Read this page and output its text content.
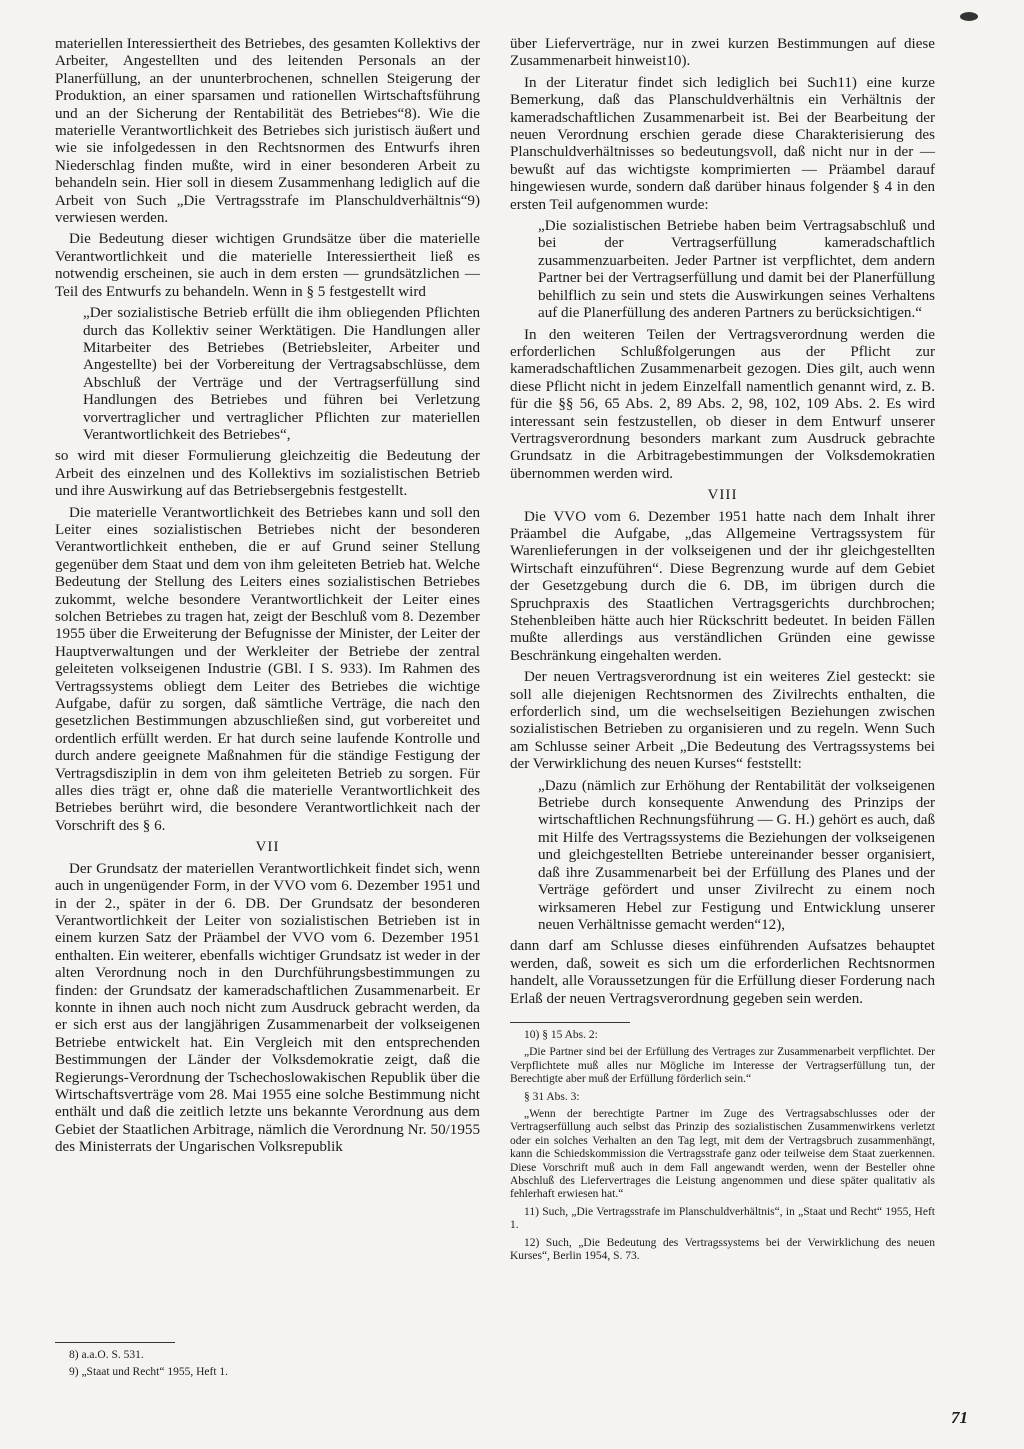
materiellen Interessiertheit des Betriebes, des gesamten Kollektivs der Arbeiter, Angestellten und des leitenden Personals an der Planerfüllung, an der ununterbrochenen, schnellen Steigerung der Produktion, an einer sparsamen und rationellen Wirtschaftsführung und an der Sicherung der Rentabilität des Betriebes“8). Wie die materielle Verantwortlichkeit des Betriebes sich juristisch äußert und wie sie infolgedessen in den Rechtsnormen des Entwurfs ihren Niederschlag finden mußte, wird in einer besonderen Arbeit zu behandeln sein. Hier soll in diesem Zusammenhang lediglich auf die Arbeit von Such „Die Vertragsstrafe im Planschuldverhältnis“9) verwiesen werden.

Die Bedeutung dieser wichtigen Grundsätze über die materielle Verantwortlichkeit und die materielle Interessiertheit ließ es notwendig erscheinen, sie auch in dem ersten — grundsätzlichen — Teil des Entwurfs zu behandeln. Wenn in § 5 festgestellt wird

„Der sozialistische Betrieb erfüllt die ihm obliegenden Pflichten durch das Kollektiv seiner Werktätigen. Die Handlungen aller Mitarbeiter des Betriebes (Betriebsleiter, Arbeiter und Angestellte) bei der Vorbereitung der Vertragsabschlüsse, dem Abschluß der Verträge und der Vertragserfüllung sind Handlungen des Betriebes und führen bei Verletzung vorvertraglicher und vertraglicher Pflichten zur materiellen Verantwortlichkeit des Betriebes“,

so wird mit dieser Formulierung gleichzeitig die Bedeutung der Arbeit des einzelnen und des Kollektivs im sozialistischen Betrieb und ihre Auswirkung auf das Betriebsergebnis festgestellt.

Die materielle Verantwortlichkeit des Betriebes kann und soll den Leiter eines sozialistischen Betriebes nicht der besonderen Verantwortlichkeit entheben, die er auf Grund seiner Stellung gegenüber dem Staat und dem von ihm geleiteten Betrieb hat. Welche Bedeutung der Stellung des Leiters eines sozialistischen Betriebes zukommt, welche besondere Verantwortlichkeit der Leiter eines solchen Betriebes zu tragen hat, zeigt der Beschluß vom 8. Dezember 1955 über die Erweiterung der Befugnisse der Minister, der Leiter der Hauptverwaltungen und der Werkleiter der Betriebe der zentral geleiteten volkseigenen Industrie (GBl. I S. 933). Im Rahmen des Vertragssystems obliegt dem Leiter des Betriebes die wichtige Aufgabe, dafür zu sorgen, daß sämtliche Verträge, die nach den gesetzlichen Bestimmungen abzuschließen sind, gut vorbereitet und ordentlich erfüllt werden. Er hat durch seine laufende Kontrolle und durch andere geeignete Maßnahmen für die ständige Festigung der Vertragsdisziplin in dem von ihm geleiteten Betrieb zu sorgen. Für alles dies trägt er, ohne daß die materielle Verantwortlichkeit des Betriebes berührt wird, die besondere Verantwortlichkeit nach der Vorschrift des § 6.

VII

Der Grundsatz der materiellen Verantwortlichkeit findet sich, wenn auch in ungenügender Form, in der VVO vom 6. Dezember 1951 und in der 2., später in der 6. DB. Der Grundsatz der besonderen Verantwortlichkeit der Leiter von sozialistischen Betrieben ist in einem kurzen Satz der Präambel der VVO vom 6. Dezember 1951 enthalten. Ein weiterer, ebenfalls wichtiger Grundsatz ist weder in der alten Verordnung noch in den Durchführungsbestimmungen zu finden: der Grundsatz der kameradschaftlichen Zusammenarbeit. Er konnte in ihnen auch noch nicht zum Ausdruck gebracht werden, da er sich erst aus der langjährigen Zusammenarbeit der volkseigenen Betriebe entwickelt hat. Ein Vergleich mit den entsprechenden Bestimmungen der Länder der Volksdemokratie zeigt, daß die Regierungs-Verordnung der Tschechoslowakischen Republik über die Wirtschaftsverträge vom 28. Mai 1955 eine solche Bestimmung nicht enthält und daß die zeitlich letzte uns bekannte Verordnung aus dem Gebiet der Staatlichen Arbitrage, nämlich die Verordnung Nr. 50/1955 des Ministerrats der Ungarischen Volksrepublik

8) a.a.O. S. 531.

9) „Staat und Recht“ 1955, Heft 1.

über Lieferverträge, nur in zwei kurzen Bestimmungen auf diese Zusammenarbeit hinweist10).

In der Literatur findet sich lediglich bei Such11) eine kurze Bemerkung, daß das Planschuldverhältnis ein Verhältnis der kameradschaftlichen Zusammenarbeit ist. Bei der Bearbeitung der neuen Verordnung erschien gerade diese Charakterisierung des Planschuldverhältnisses so bedeutungsvoll, daß nicht nur in der — bewußt auf das wichtigste komprimierten — Präambel darauf hingewiesen wurde, sondern daß darüber hinaus folgender § 4 in den ersten Teil aufgenommen wurde:

„Die sozialistischen Betriebe haben beim Vertragsabschluß und bei der Vertragserfüllung kameradschaftlich zusammenzuarbeiten. Jeder Partner ist verpflichtet, dem andern Partner bei der Vertragserfüllung und damit bei der Planerfüllung behilflich zu sein und stets die Auswirkungen seines Verhaltens auf die Planerfüllung des anderen Partners zu berücksichtigen.“

In den weiteren Teilen der Vertragsverordnung werden die erforderlichen Schlußfolgerungen aus der Pflicht zur kameradschaftlichen Zusammenarbeit gezogen. Dies gilt, auch wenn diese Pflicht nicht in jedem Einzelfall namentlich genannt wird, z. B. für die §§ 56, 65 Abs. 2, 89 Abs. 2, 98, 102, 109 Abs. 2. Es wird interessant sein festzustellen, ob dieser in dem Entwurf unserer Vertragsverordnung besonders markant zum Ausdruck gebrachte Grundsatz in die Arbitragebestimmungen der Volksdemokratien übernommen werden wird.

VIII

Die VVO vom 6. Dezember 1951 hatte nach dem Inhalt ihrer Präambel die Aufgabe, „das Allgemeine Vertragssystem für Warenlieferungen in der volkseigenen und der ihr gleichgestellten Wirtschaft einzuführen“. Diese Begrenzung wurde auf dem Gebiet der Gesetzgebung durch die 6. DB, im übrigen durch die Spruchpraxis des Staatlichen Vertragsgerichts durchbrochen; Stehenbleiben hätte auch hier Rückschritt bedeutet. In beiden Fällen mußte allerdings aus verständlichen Gründen eine gewisse Beschränkung eingehalten werden.

Der neuen Vertragsverordnung ist ein weiteres Ziel gesteckt: sie soll alle diejenigen Rechtsnormen des Zivilrechts enthalten, die erforderlich sind, um die wechselseitigen Beziehungen zwischen sozialistischen Betrieben zu organisieren und zu regeln. Wenn Such am Schlusse seiner Arbeit „Die Bedeutung des Vertragssystems bei der Verwirklichung des neuen Kurses“ feststellt:

„Dazu (nämlich zur Erhöhung der Rentabilität der volkseigenen Betriebe durch konsequente Anwendung des Prinzips der wirtschaftlichen Rechnungsführung — G. H.) gehört es auch, daß mit Hilfe des Vertragssystems die Beziehungen der volkseigenen und gleichgestellten Betriebe untereinander besser organisiert, daß ihre Zusammenarbeit bei der Erfüllung des Planes und der Verträge gefördert und unser Zivilrecht zu einem noch wirksameren Hebel zur Festigung und Entwicklung unserer neuen Verhältnisse gemacht werden“12),

dann darf am Schlusse dieses einführenden Aufsatzes behauptet werden, daß, soweit es sich um die erforderlichen Rechtsnormen handelt, alle Voraussetzungen für die Erfüllung dieser Forderung nach Erlaß der neuen Vertragsverordnung gegeben sein werden.

10) § 15 Abs. 2:

„Die Partner sind bei der Erfüllung des Vertrages zur Zusammenarbeit verpflichtet. Der Verpflichtete muß alles nur Mögliche im Interesse der Vertragserfüllung tun, der Berechtigte aber muß der Erfüllung förderlich sein.“

§ 31 Abs. 3:

„Wenn der berechtigte Partner im Zuge des Vertragsabschlusses oder der Vertragserfüllung auch selbst das Prinzip des sozialistischen Zusammenwirkens verletzt oder ein solches Verhalten an den Tag legt, mit dem der Vertragsbruch zusammenhängt, kann die Schiedskommission die Vertragsstrafe ganz oder teilweise dem Staat zuerkennen. Diese Vorschrift muß auch in dem Fall angewandt werden, wenn der Besteller ohne Abschluß des Liefervertrages die Leistung angenommen und diese später qualitativ als fehlerhaft erwiesen hat.“

11) Such, „Die Vertragsstrafe im Planschuldverhältnis“, in „Staat und Recht“ 1955, Heft 1.

12) Such, „Die Bedeutung des Vertragssystems bei der Verwirklichung des neuen Kurses“, Berlin 1954, S. 73.

71
